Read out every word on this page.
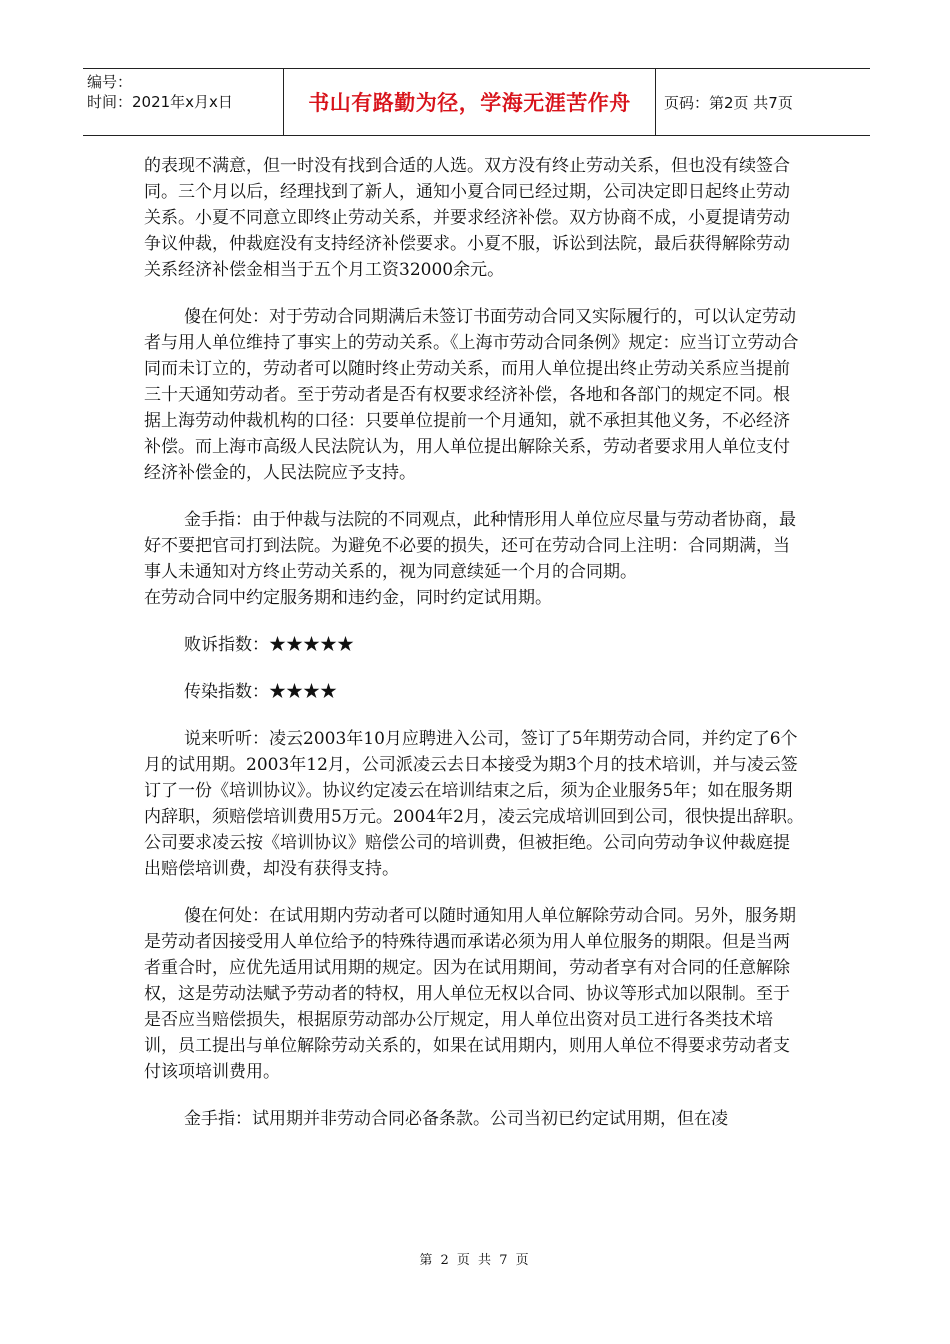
编号：
时间：2021年x月x日	书山有路勤为径，学海无涯苦作舟	页码：第2页 共7页

的表现不满意，但一时没有找到合适的人选。双方没有终止劳动关系，但也没有续签合同。三个月以后，经理找到了新人，通知小夏合同已经过期，公司决定即日起终止劳动关系。小夏不同意立即终止劳动关系，并要求经济补偿。双方协商不成，小夏提请劳动争议仲裁，仲裁庭没有支持经济补偿要求。小夏不服，诉讼到法院，最后获得解除劳动关系经济补偿金相当于五个月工资32000余元。

傻在何处：对于劳动合同期满后未签订书面劳动合同又实际履行的，可以认定劳动者与用人单位维持了事实上的劳动关系。《上海市劳动合同条例》规定：应当订立劳动合同而未订立的，劳动者可以随时终止劳动关系，而用人单位提出终止劳动关系应当提前三十天通知劳动者。至于劳动者是否有权要求经济补偿，各地和各部门的规定不同。根据上海劳动仲裁机构的口径：只要单位提前一个月通知，就不承担其他义务，不必经济补偿。而上海市高级人民法院认为，用人单位提出解除关系，劳动者要求用人单位支付经济补偿金的，人民法院应予支持。

金手指：由于仲裁与法院的不同观点，此种情形用人单位应尽量与劳动者协商，最好不要把官司打到法院。为避免不必要的损失，还可在劳动合同上注明：合同期满，当事人未通知对方终止劳动关系的，视为同意续延一个月的合同期。

在劳动合同中约定服务期和违约金，同时约定试用期。

败诉指数：★★★★★

传染指数：★★★★

说来听听：凌云2003年10月应聘进入公司，签订了5年期劳动合同，并约定了6个月的试用期。2003年12月，公司派凌云去日本接受为期3个月的技术培训，并与凌云签订了一份《培训协议》。协议约定凌云在培训结束之后，须为企业服务5年；如在服务期内辞职，须赔偿培训费用5万元。2004年2月，凌云完成培训回到公司，很快提出辞职。公司要求凌云按《培训协议》赔偿公司的培训费，但被拒绝。公司向劳动争议仲裁庭提出赔偿培训费，却没有获得支持。

傻在何处：在试用期内劳动者可以随时通知用人单位解除劳动合同。另外，服务期是劳动者因接受用人单位给予的特殊待遇而承诺必须为用人单位服务的期限。但是当两者重合时，应优先适用试用期的规定。因为在试用期间，劳动者享有对合同的任意解除权，这是劳动法赋予劳动者的特权，用人单位无权以合同、协议等形式加以限制。至于是否应当赔偿损失，根据原劳动部办公厅规定，用人单位出资对员工进行各类技术培训，员工提出与单位解除劳动关系的，如果在试用期内，则用人单位不得要求劳动者支付该项培训费用。

金手指：试用期并非劳动合同必备条款。公司当初已约定试用期，但在凌

第 2 页 共 7 页
